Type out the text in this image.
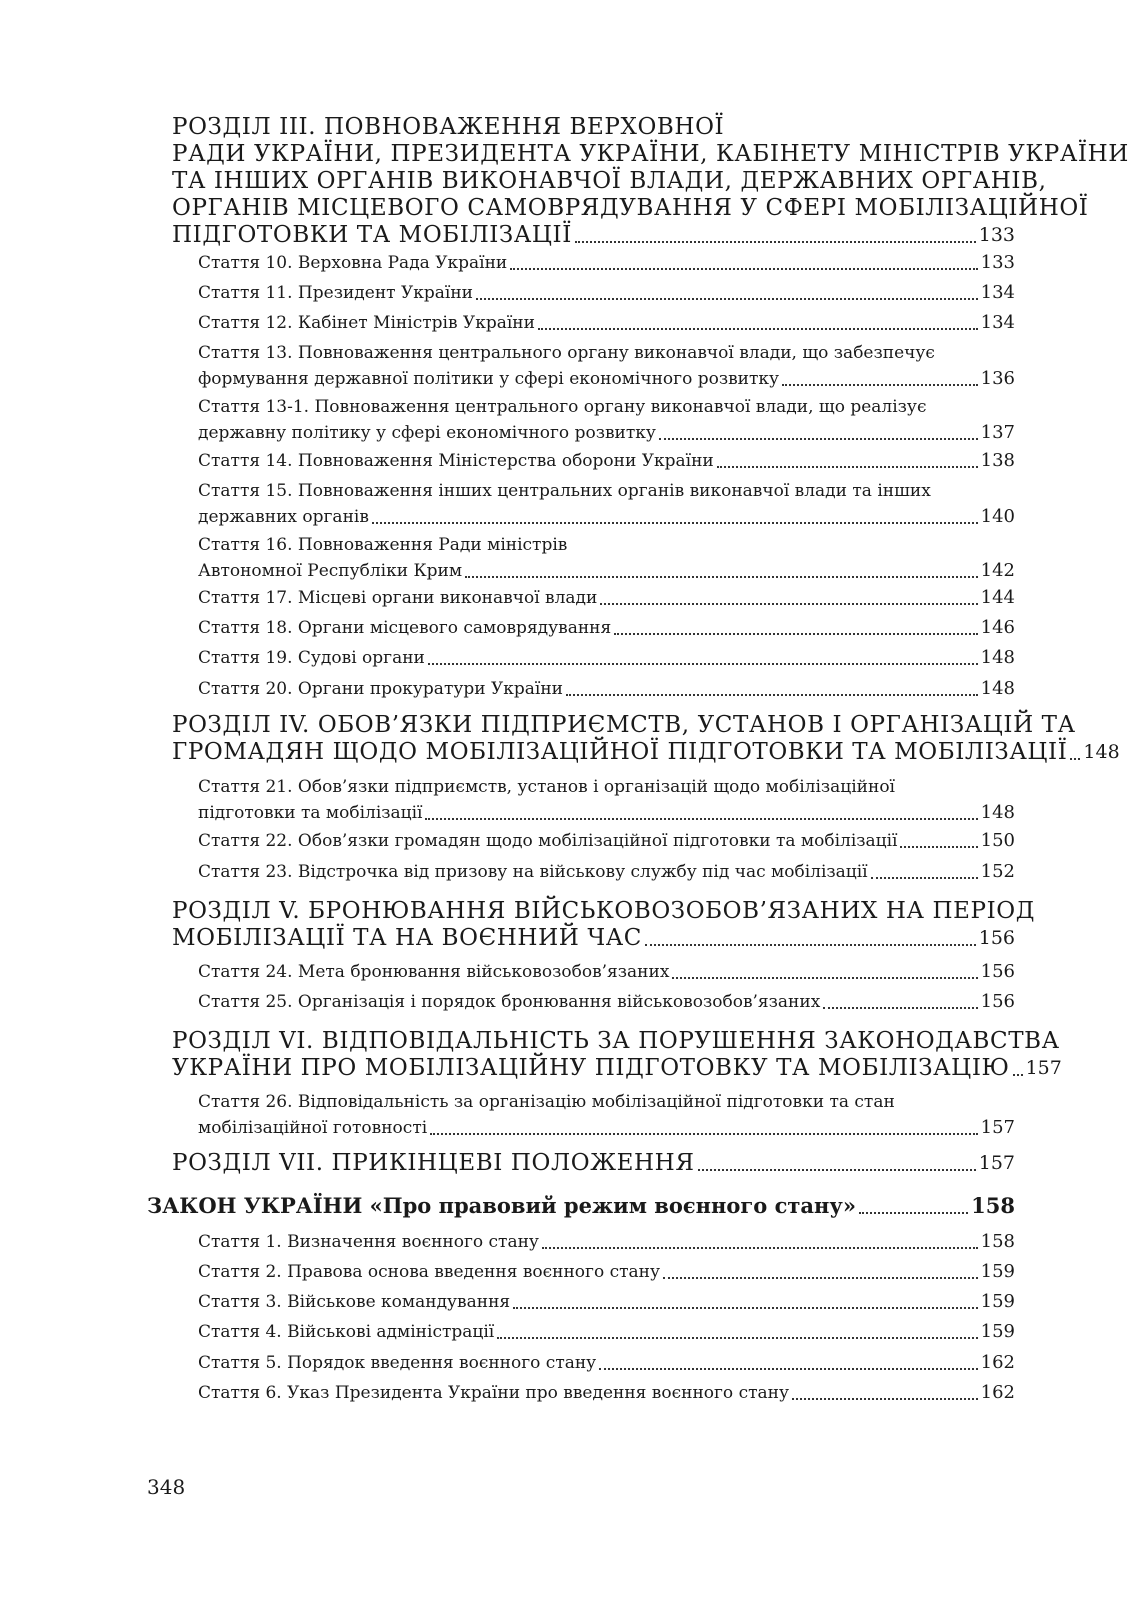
РОЗДІЛ III. ПОВНОВАЖЕННЯ ВЕРХОВНОЇ
РАДИ УКРАЇНИ, ПРЕЗИДЕНТА УКРАЇНИ, КАБІНЕТУ МІНІСТРІВ УКРАЇНИ
ТА ІНШИХ ОРГАНІВ ВИКОНАВЧОЇ ВЛАДИ, ДЕРЖАВНИХ ОРГАНІВ,
ОРГАНІВ МІСЦЕВОГО САМОВРЯДУВАННЯ У СФЕРІ МОБІЛІЗАЦІЙНОЇ
ПІДГОТОВКИ ТА МОБІЛІЗАЦІЇ	133
Стаття 10. Верховна Рада України	133
Стаття 11. Президент України	134
Стаття 12. Кабінет Міністрів України	134
Стаття 13. Повноваження центрального органу виконавчої влади, що забезпечує
формування державної політики у сфері економічного розвитку	136
Стаття 13-1. Повноваження центрального органу виконавчої влади, що реалізує
державну політику у сфері економічного розвитку	137
Стаття 14. Повноваження Міністерства оборони України	138
Стаття 15. Повноваження інших центральних органів виконавчої влади та інших
державних органів	140
Стаття 16. Повноваження Ради міністрів
Автономної Республіки Крим	142
Стаття 17. Місцеві органи виконавчої влади	144
Стаття 18. Органи місцевого самоврядування	146
Стаття 19. Судові органи	148
Стаття 20. Органи прокуратури України	148
РОЗДІЛ IV. ОБОВ’ЯЗКИ ПІДПРИЄМСТВ, УСТАНОВ І ОРГАНІЗАЦІЙ ТА
ГРОМАДЯН ЩОДО МОБІЛІЗАЦІЙНОЇ ПІДГОТОВКИ ТА МОБІЛІЗАЦІЇ 148
Стаття 21. Обов’язки підприємств, установ і організацій щодо мобілізаційної
підготовки та мобілізації	148
Стаття 22. Обов’язки громадян щодо мобілізаційної підготовки та мобілізації	150
Стаття 23. Відстрочка від призову на військову службу під час мобілізації	152
РОЗДІЛ V. БРОНЮВАННЯ ВІЙСЬКОВОЗОБОВ’ЯЗАНИХ НА ПЕРІОД
МОБІЛІЗАЦІЇ ТА НА ВОЄННИЙ ЧАС	156
Стаття 24. Мета бронювання військовозобов’язаних	156
Стаття 25. Організація і порядок бронювання військовозобов’язаних	156
РОЗДІЛ VI. ВІДПОВІДАЛЬНІСТЬ ЗА ПОРУШЕННЯ ЗАКОНОДАВСТВА
УКРАЇНИ ПРО МОБІЛІЗАЦІЙНУ ПІДГОТОВКУ ТА МОБІЛІЗАЦІЮ 157
Стаття 26. Відповідальність за організацію мобілізаційної підготовки та стан
мобілізаційної готовності	157
РОЗДІЛ VII. ПРИКІНЦЕВІ ПОЛОЖЕННЯ	157
ЗАКОН УКРАЇНИ «Про правовий режим воєнного стану»	158
Стаття 1. Визначення воєнного стану	158
Стаття 2. Правова основа введення воєнного стану	159
Стаття 3. Військове командування	159
Стаття 4. Військові адміністрації	159
Стаття 5. Порядок введення воєнного стану	162
Стаття 6. Указ Президента України про введення воєнного стану	162
348
